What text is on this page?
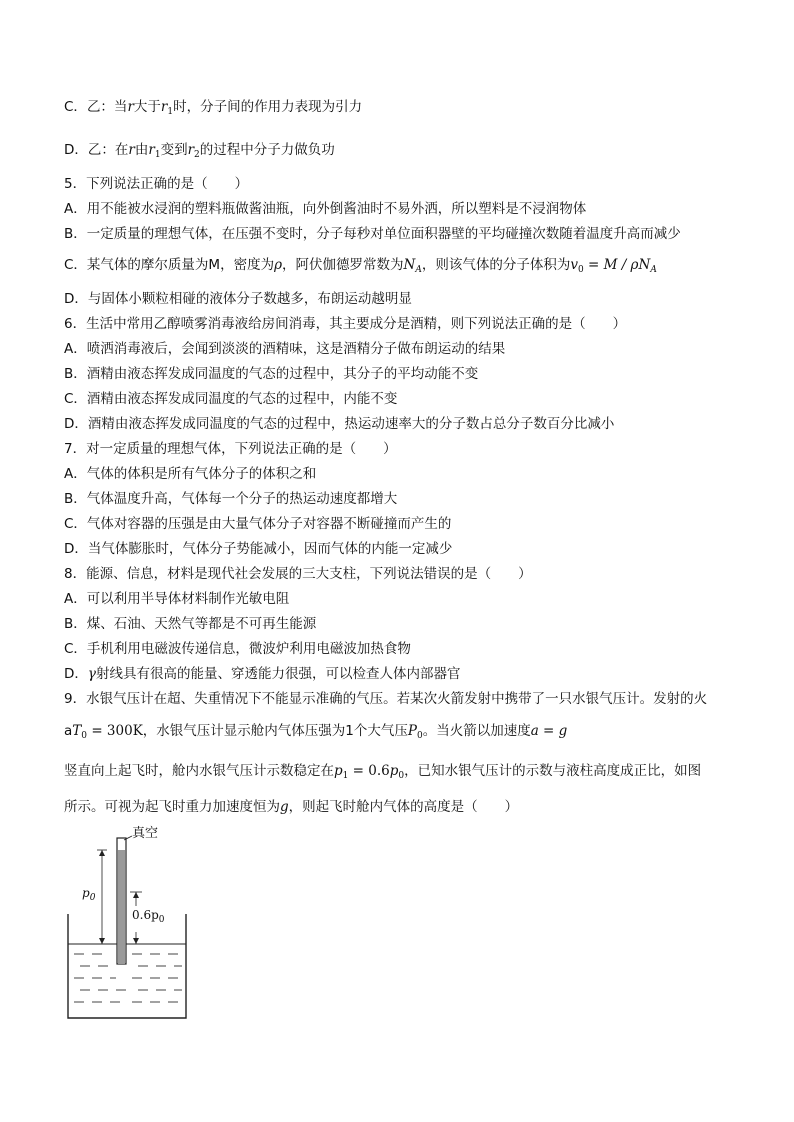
C．乙：当r大于$r_1$时，分子间的作用力表现为引力
D．乙：在r由$r_1$变到$r_2$的过程中分子力做负功
5．下列说法正确的是（　　）
A．用不能被水浸润的塑料瓶做酱油瓶，向外倒酱油时不易外洒，所以塑料是不浸润物体
B．一定质量的理想气体，在压强不变时，分子每秒对单位面积器壁的平均碰撞次数随着温度升高而减少
C．某气体的摩尔质量为M，密度为ρ，阿伏伽德罗常数为$N_A$，则该气体的分子体积为$v_0 = M / \rho N_A$
D．与固体小颗粒相碰的液体分子数越多，布朗运动越明显
6．生活中常用乙醇喷雾消毒液给房间消毒，其主要成分是酒精，则下列说法正确的是（　　）
A．喷洒消毒液后，会闻到淡淡的酒精味，这是酒精分子做布朗运动的结果
B．酒精由液态挥发成同温度的气态的过程中，其分子的平均动能不变
C．酒精由液态挥发成同温度的气态的过程中，内能不变
D．酒精由液态挥发成同温度的气态的过程中，热运动速率大的分子数占总分子数百分比减小
7．对一定质量的理想气体，下列说法正确的是（　　）
A．气体的体积是所有气体分子的体积之和
B．气体温度升高，气体每一个分子的热运动速度都增大
C．气体对容器的压强是由大量气体分子对容器不断碰撞而产生的
D．当气体膨胀时，气体分子势能减小，因而气体的内能一定减少
8．能源、信息，材料是现代社会发展的三大支柱，下列说法错误的是（　　）
A．可以利用半导体材料制作光敏电阻
B．煤、石油、天然气等都是不可再生能源
C．手机利用电磁波传递信息，微波炉利用电磁波加热食物
D．γ射线具有很高的能量、穿透能力很强，可以检查人体内部器官
9．水银气压计在超、失重情况下不能显示准确的气压。若某次火箭发射中携带了一只水银气压计。发射的火
$aT_0 = 300K$，水银气压计显示舱内气体压强为1个大气压$P_0$。当火箭以加速度a = g
竖直向上起飞时，舱内水银气压计示数稳定在$p_1 = 0.6p_0$，已知水银气压计的示数与液柱高度成正比，如图
所示。可视为起飞时重力加速度恒为g，则起飞时舱内气体的高度是（　　）
真空
$p_0$
$0.6p_0$
